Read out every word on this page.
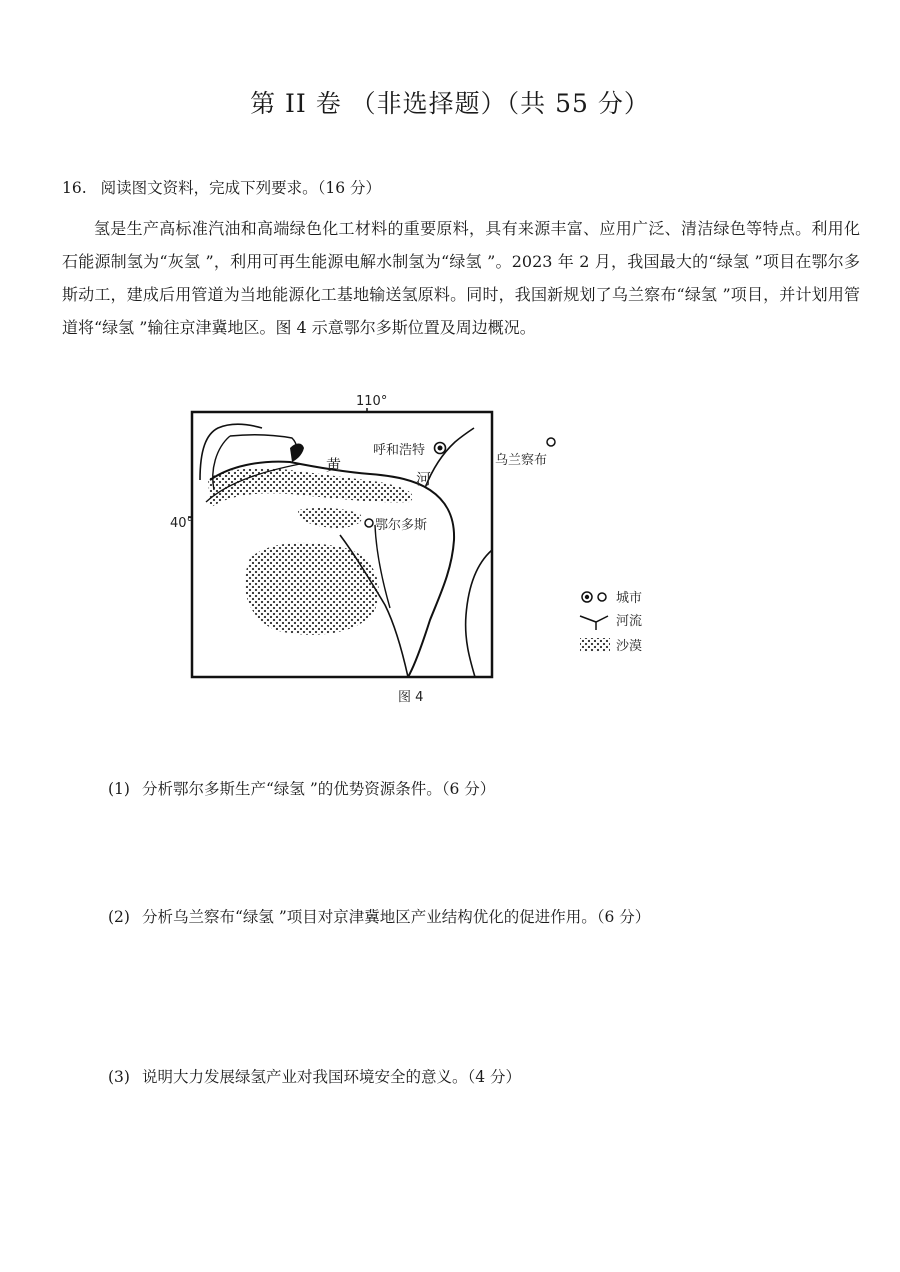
第 II 卷 （非选择题）（共 55 分）
16. 阅读图文资料，完成下列要求。（16 分）
氢是生产高标准汽油和高端绿色化工材料的重要原料，具有来源丰富、应用广泛、清洁绿色等特点。利用化石能源制氢为“灰氢 ”，利用可再生能源电解水制氢为“绿氢 ”。2023 年 2 月，我国最大的“绿氢 ”项目在鄂尔多斯动工，建成后用管道为当地能源化工基地输送氢原料。同时，我国新规划了乌兰察布“绿氢 ”项目，并计划用管道将“绿氢 ”输往京津冀地区。图 4 示意鄂尔多斯位置及周边概况。
110°
40°
呼和浩特
乌兰察布
鄂尔多斯
黄
河
城市
河流
沙漠
图 4
(1) 分析鄂尔多斯生产“绿氢 ”的优势资源条件。（6 分）
(2) 分析乌兰察布“绿氢 ”项目对京津冀地区产业结构优化的促进作用。（6 分）
(3) 说明大力发展绿氢产业对我国环境安全的意义。（4 分）
